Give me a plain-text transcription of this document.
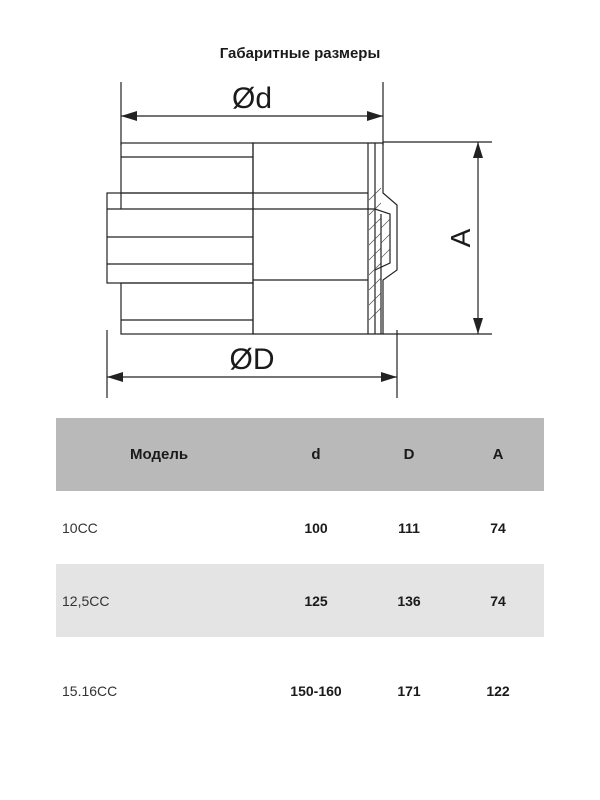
Габаритные размеры
Ød
ØD
A
Модель	d	D	A
10CC	100	111	74
12,5CC	125	136	74
15.16CC	150-160	171	122
